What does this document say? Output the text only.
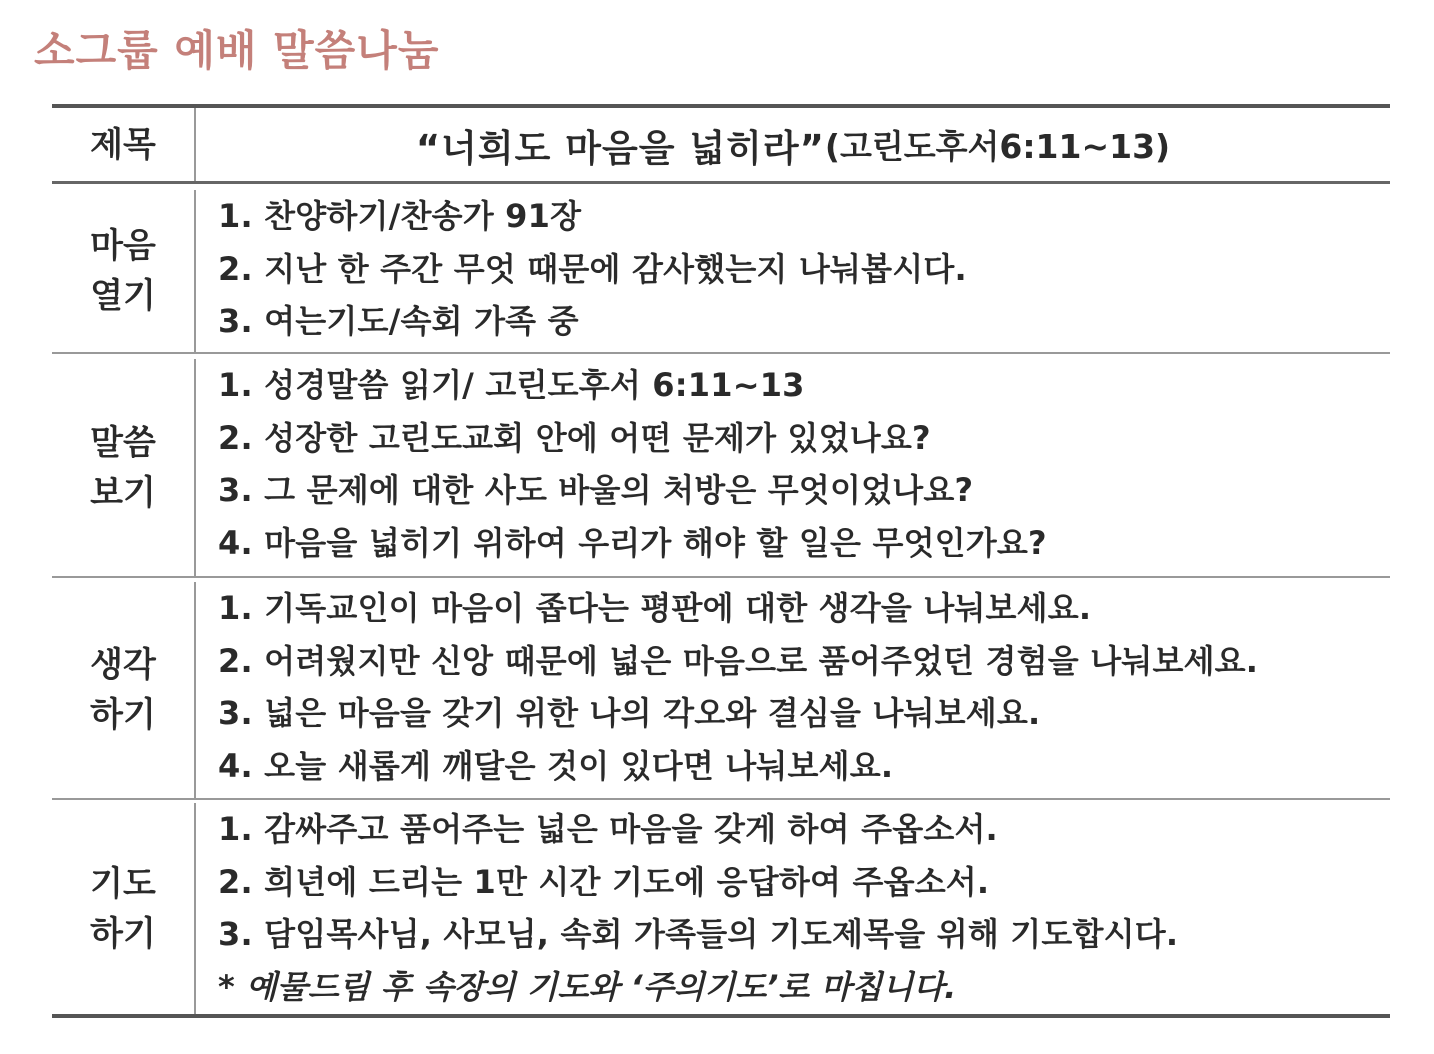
소그룹 예배 말씀나눔
제목	“너희도 마음을 넓히라” (고린도후서6:11~13)
마음
열기
1. 찬양하기/찬송가 91장
2. 지난 한 주간 무엇 때문에 감사했는지 나눠봅시다.
3. 여는기도/속회 가족 중
말씀
보기
1. 성경말씀 읽기/ 고린도후서 6:11~13
2. 성장한 고린도교회 안에 어떤 문제가 있었나요?
3. 그 문제에 대한 사도 바울의 처방은 무엇이었나요?
4. 마음을 넓히기 위하여 우리가 해야 할 일은 무엇인가요?
생각
하기
1. 기독교인이 마음이 좁다는 평판에 대한 생각을 나눠보세요.
2. 어려웠지만 신앙 때문에 넓은 마음으로 품어주었던 경험을 나눠보세요.
3. 넓은 마음을 갖기 위한 나의 각오와 결심을 나눠보세요.
4. 오늘 새롭게 깨달은 것이 있다면 나눠보세요.
기도
하기
1. 감싸주고 품어주는 넓은 마음을 갖게 하여 주옵소서.
2. 희년에 드리는 1만 시간 기도에 응답하여 주옵소서.
3. 담임목사님, 사모님, 속회 가족들의 기도제목을 위해 기도합시다.
* 예물드림 후 속장의 기도와 ‘주의기도’로 마칩니다.
